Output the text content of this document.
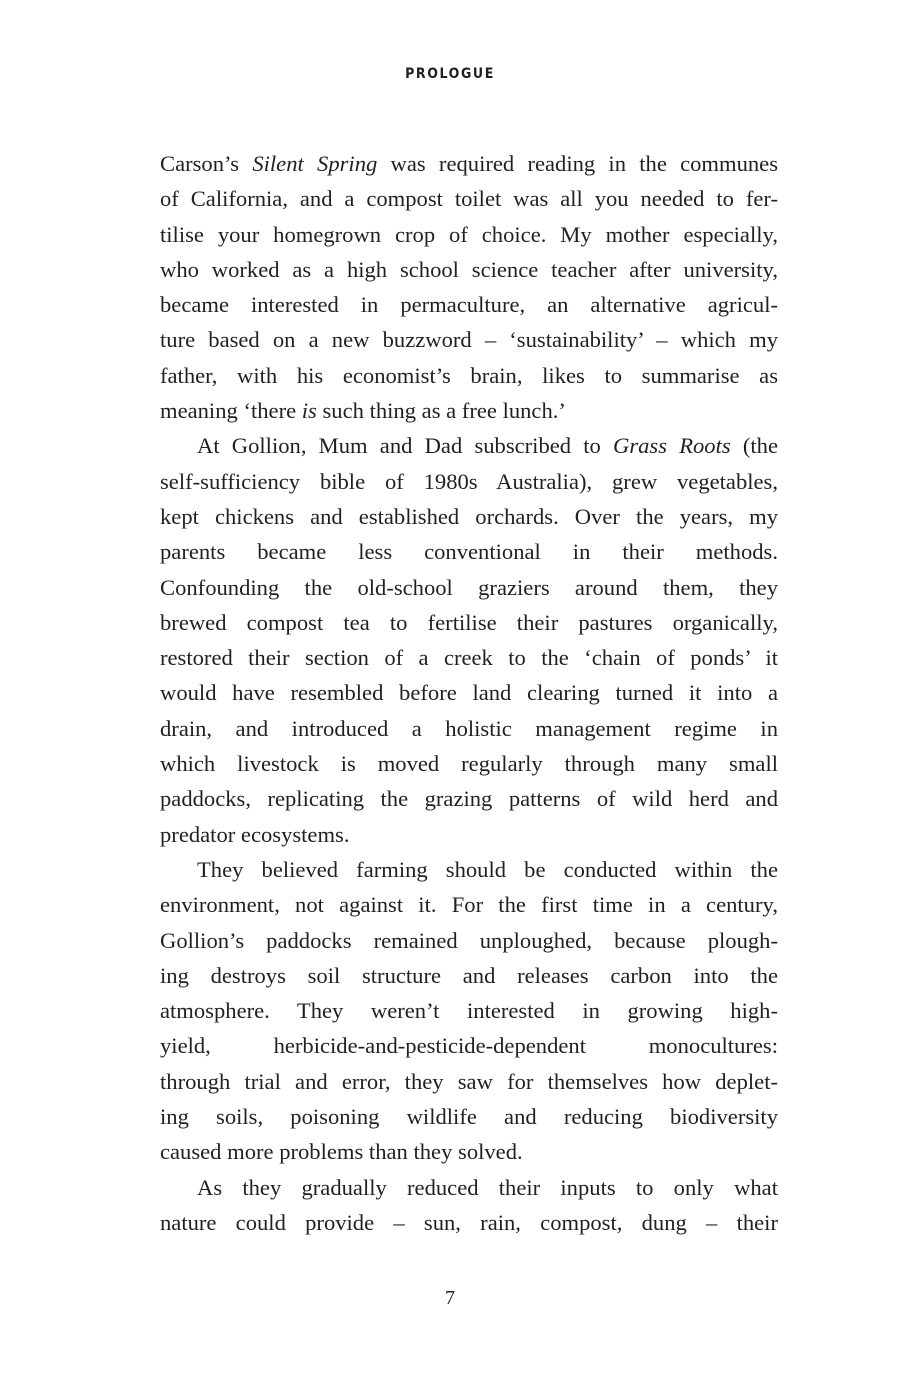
PROLOGUE
Carson’s Silent Spring was required reading in the communes
of California, and a compost toilet was all you needed to fer-
tilise your homegrown crop of choice. My mother especially,
who worked as a high school science teacher after university,
became interested in permaculture, an alternative agricul-
ture based on a new buzzword – ‘sustainability’ – which my
father, with his economist’s brain, likes to summarise as
meaning ‘there is such thing as a free lunch.’
At Gollion, Mum and Dad subscribed to Grass Roots (the
self-sufficiency bible of 1980s Australia), grew vegetables,
kept chickens and established orchards. Over the years, my
parents became less conventional in their methods.
Confounding the old-school graziers around them, they
brewed compost tea to fertilise their pastures organically,
restored their section of a creek to the ‘chain of ponds’ it
would have resembled before land clearing turned it into a
drain, and introduced a holistic management regime in
which livestock is moved regularly through many small
paddocks, replicating the grazing patterns of wild herd and
predator ecosystems.
They believed farming should be conducted within the
environment, not against it. For the first time in a century,
Gollion’s paddocks remained unploughed, because plough-
ing destroys soil structure and releases carbon into the
atmosphere. They weren’t interested in growing high-
yield, herbicide-and-pesticide-dependent monocultures:
through trial and error, they saw for themselves how deplet-
ing soils, poisoning wildlife and reducing biodiversity
caused more problems than they solved.
As they gradually reduced their inputs to only what
nature could provide – sun, rain, compost, dung – their
7
